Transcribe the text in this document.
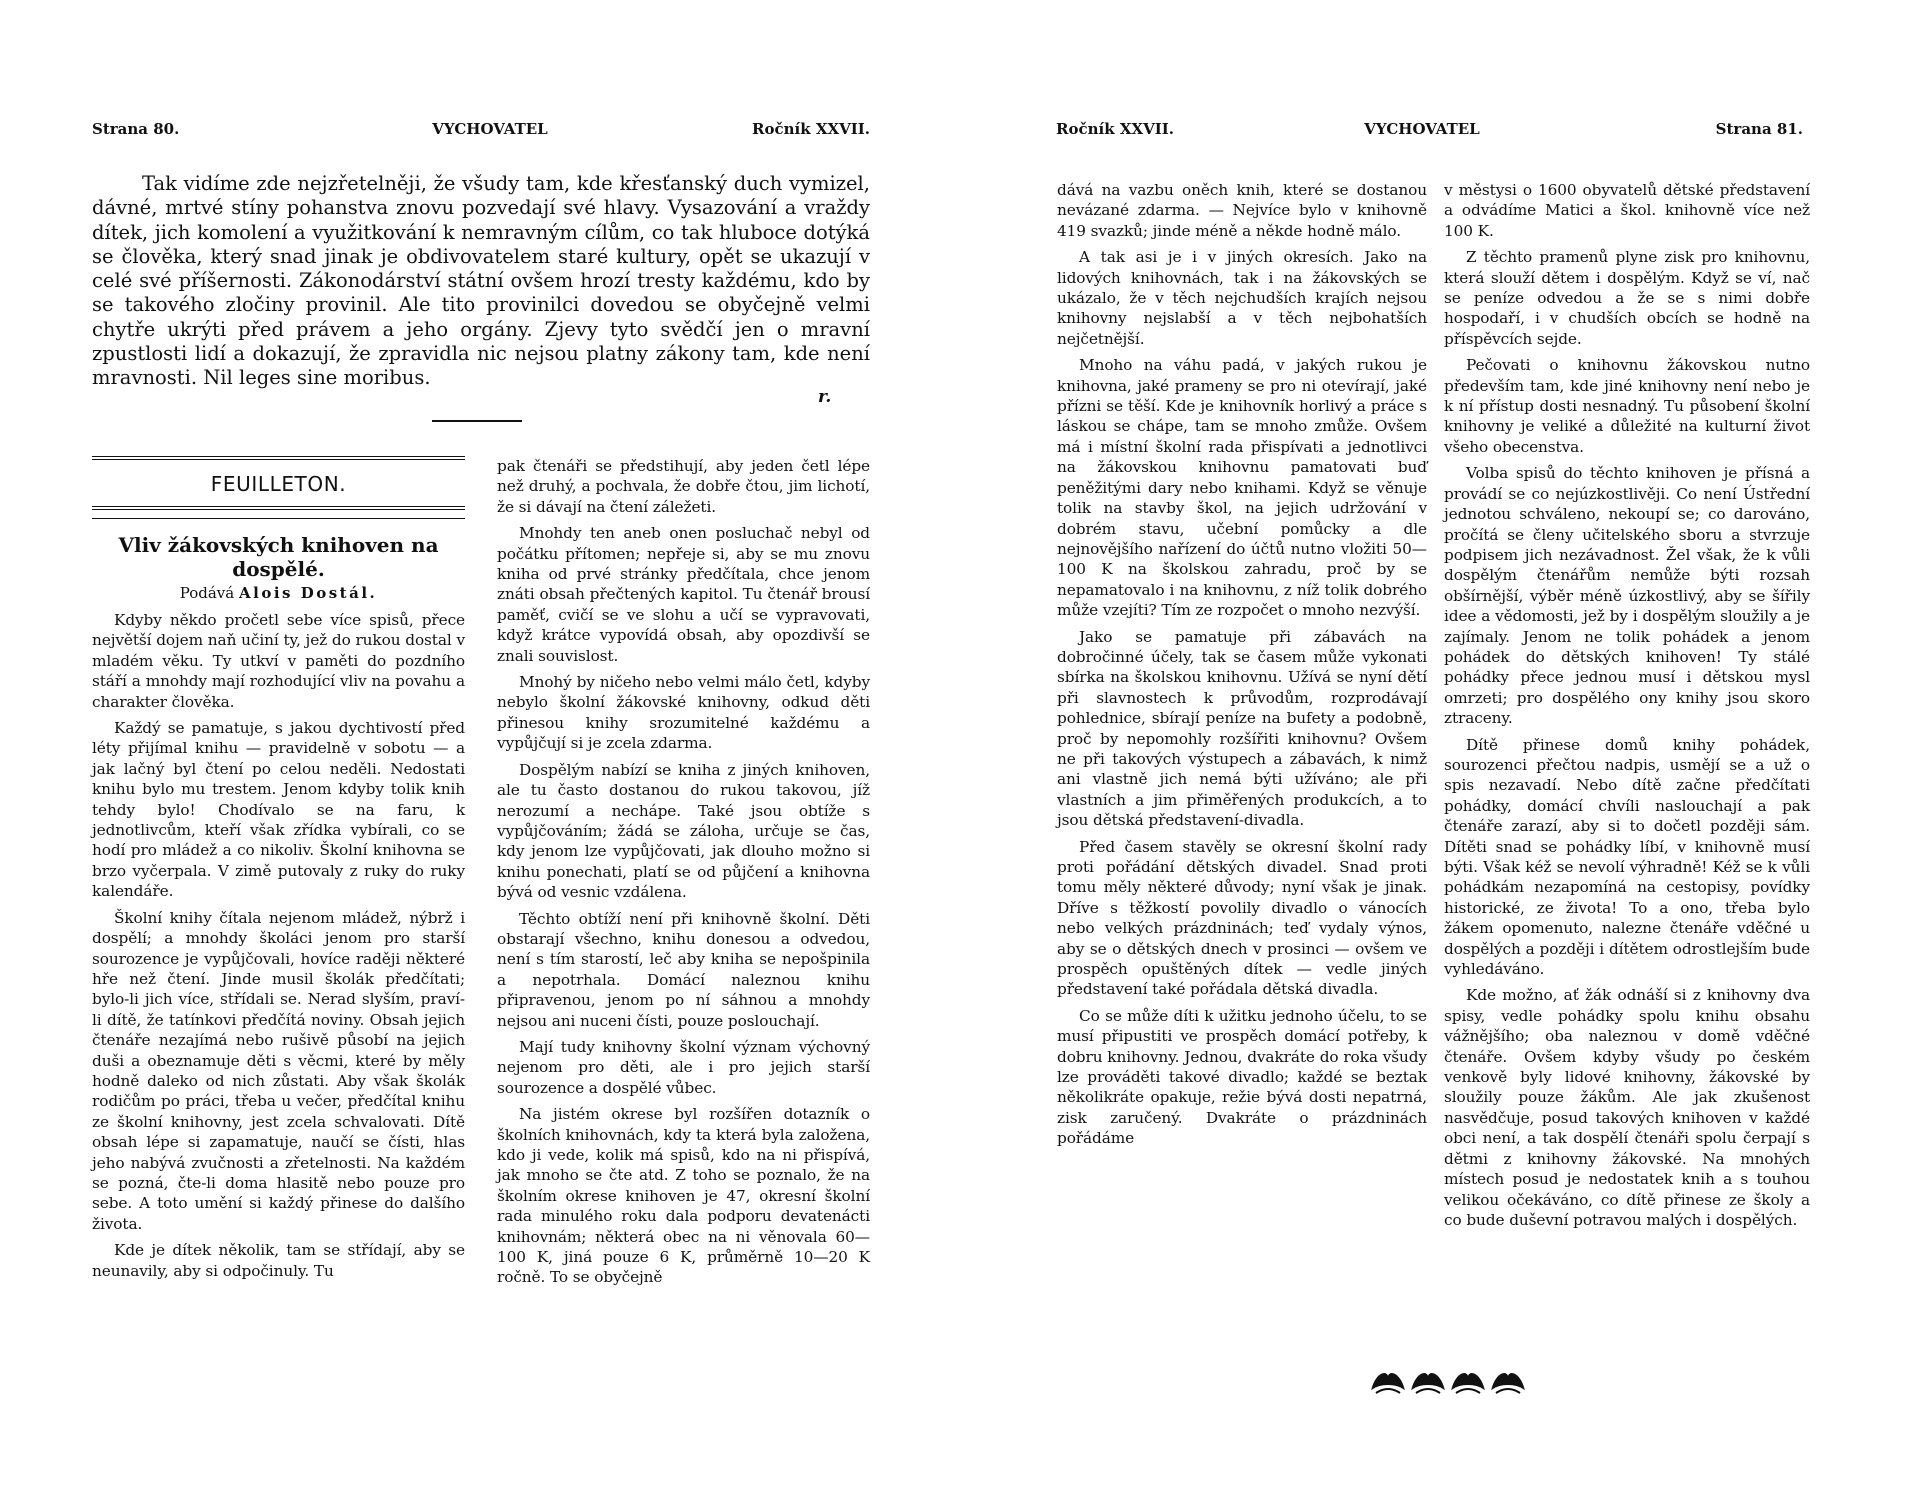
Strana 80.	VYCHOVATEL	Ročník XXVII.

Tak vidíme zde nejzřetelněji, že všudy tam, kde křesťanský duch vymizel, dávné, mrtvé stíny pohanstva znovu pozvedají své hlavy. Vysazování a vraždy dítek, jich komolení a využitkování k nemravným cílům, co tak hluboce dotýká se člověka, který snad jinak je obdivovatelem staré kultury, opět se ukazují v celé své příšernosti. Zákonodárství státní ovšem hrozí tresty každému, kdo by se takového zločiny provinil. Ale tito provinilci dovedou se obyčejně velmi chytře ukrýti před právem a jeho orgány. Zjevy tyto svědčí jen o mravní zpustlosti lidí a dokazují, že zpravidla nic nejsou platny zákony tam, kde není mravnosti. Nil leges sine moribus.

r.
FEUILLETON.
Vliv žákovských knihoven na dospělé.
Podává Alois Dostál.

Kdyby někdo pročetl sebe více spisů, přece největší dojem naň učiní ty, jež do rukou dostal v mladém věku. Ty utkví v paměti do pozdního stáří a mnohdy mají rozhodující vliv na povahu a charakter člověka.

Každý se pamatuje, s jakou dychtivostí před léty přijímal knihu — pravidelně v sobotu — a jak lačný byl čtení po celou neděli. Nedostati knihu bylo mu trestem. Jenom kdyby tolik knih tehdy bylo! Chodívalo se na faru, k jednotlivcům, kteří však zřídka vybírali, co se hodí pro mládež a co nikoliv. Školní knihovna se brzo vyčerpala. V zimě putovaly z ruky do ruky kalendáře.

Školní knihy čítala nejenom mládež, nýbrž i dospělí; a mnohdy školáci jenom pro starší sourozence je vypůjčovali, hovíce raději některé hře než čtení. Jinde musil školák předčítati; bylo-li jich více, střídali se. Nerad slyším, praví-li dítě, že tatínkovi předčítá noviny. Obsah jejich čtenáře nezajímá nebo rušivě působí na jejich duši a obeznamuje děti s věcmi, které by měly hodně daleko od nich zůstati. Aby však školák rodičům po práci, třeba u večer, předčítal knihu ze školní knihovny, jest zcela schvalovati. Dítě obsah lépe si zapamatuje, naučí se čísti, hlas jeho nabývá zvučnosti a zřetelnosti. Na každém se pozná, čte-li doma hlasitě nebo pouze pro sebe. A toto umění si každý přinese do dalšího života.

Kde je dítek několik, tam se střídají, aby se neunavily, aby si odpočinuly. Tu

pak čtenáři se předstihují, aby jeden četl lépe než druhý, a pochvala, že dobře čtou, jim lichotí, že si dávají na čtení záležeti.

Mnohdy ten aneb onen posluchač nebyl od počátku přítomen; nepřeje si, aby se mu znovu kniha od prvé stránky předčítala, chce jenom znáti obsah přečtených kapitol. Tu čtenář brousí paměť, cvičí se ve slohu a učí se vypravovati, když krátce vypovídá obsah, aby opozdivší se znali souvislost.

Mnohý by ničeho nebo velmi málo četl, kdyby nebylo školní žákovské knihovny, odkud děti přinesou knihy srozumitelné každému a vypůjčují si je zcela zdarma.

Dospělým nabízí se kniha z jiných knihoven, ale tu často dostanou do rukou takovou, jíž nerozumí a nechápe. Také jsou obtíže s vypůjčováním; žádá se záloha, určuje se čas, kdy jenom lze vypůjčovati, jak dlouho možno si knihu ponechati, platí se od půjčení a knihovna bývá od vesnic vzdálena.

Těchto obtíží není při knihovně školní. Děti obstarají všechno, knihu donesou a odvedou, není s tím starostí, leč aby kniha se nepošpinila a nepotrhala. Domácí naleznou knihu připravenou, jenom po ní sáhnou a mnohdy nejsou ani nuceni čísti, pouze poslouchají.

Mají tudy knihovny školní význam výchovný nejenom pro děti, ale i pro jejich starší sourozence a dospělé vůbec.

Na jistém okrese byl rozšířen dotazník o školních knihovnách, kdy ta která byla založena, kdo ji vede, kolik má spisů, kdo na ni přispívá, jak mnoho se čte atd. Z toho se poznalo, že na školním okrese knihoven je 47, okresní školní rada minulého roku dala podporu devatenácti knihovnám; některá obec na ni věnovala 60—100 K, jiná pouze 6 K, průměrně 10—20 K ročně. To se obyčejně

Ročník XXVII.	VYCHOVATEL	Strana 81.

dává na vazbu oněch knih, které se dostanou nevázané zdarma. — Nejvíce bylo v knihovně 419 svazků; jinde méně a někde hodně málo.

A tak asi je i v jiných okresích. Jako na lidových knihovnách, tak i na žákovských se ukázalo, že v těch nejchudších krajích nejsou knihovny nejslabší a v těch nejbohatších nejčetnější.

Mnoho na váhu padá, v jakých rukou je knihovna, jaké prameny se pro ni otevírají, jaké přízni se těší. Kde je knihovník horlivý a práce s láskou se chápe, tam se mnoho zmůže. Ovšem má i místní školní rada přispívati a jednotlivci na žákovskou knihovnu pamatovati buď peněžitými dary nebo knihami. Když se věnuje tolik na stavby škol, na jejich udržování v dobrém stavu, učební pomůcky a dle nejnovějšího nařízení do účtů nutno vložiti 50—100 K na školskou zahradu, proč by se nepamatovalo i na knihovnu, z níž tolik dobrého může vzejíti? Tím ze rozpočet o mnoho nezvýší.

Jako se pamatuje při zábavách na dobročinné účely, tak se časem může vykonati sbírka na školskou knihovnu. Užívá se nyní dětí při slavnostech k průvodům, rozprodávají pohlednice, sbírají peníze na bufety a podobně, proč by nepomohly rozšířiti knihovnu? Ovšem ne při takových výstupech a zábavách, k nimž ani vlastně jich nemá býti užíváno; ale při vlastních a jim přiměřených produkcích, a to jsou dětská představení-divadla.

Před časem stavěly se okresní školní rady proti pořádání dětských divadel. Snad proti tomu měly některé důvody; nyní však je jinak. Dříve s těžkostí povolily divadlo o vánocích nebo velkých prázdninách; teď vydaly výnos, aby se o dětských dnech v prosinci — ovšem ve prospěch opuštěných dítek — vedle jiných představení také pořádala dětská divadla.

Co se může díti k užitku jednoho účelu, to se musí připustiti ve prospěch domácí potřeby, k dobru knihovny. Jednou, dvakráte do roka všudy lze prováděti takové divadlo; každé se beztak několikráte opakuje, režie bývá dosti nepatrná, zisk zaručený. Dvakráte o prázdninách pořádáme

v městysi o 1600 obyvatelů dětské představení a odvádíme Matici a škol. knihovně více než 100 K.

Z těchto pramenů plyne zisk pro knihovnu, která slouží dětem i dospělým. Když se ví, nač se peníze odvedou a že se s nimi dobře hospodaří, i v chudších obcích se hodně na příspěvcích sejde.

Pečovati o knihovnu žákovskou nutno především tam, kde jiné knihovny není nebo je k ní přístup dosti nesnadný. Tu působení školní knihovny je veliké a důležité na kulturní život všeho obecenstva.

Volba spisů do těchto knihoven je přísná a provádí se co nejúzkostlivěji. Co není Ústřední jednotou schváleno, nekoupí se; co darováno, pročítá se členy učitelského sboru a stvrzuje podpisem jich nezávadnost. Žel však, že k vůli dospělým čtenářům nemůže býti rozsah obšírnější, výběr méně úzkostlivý, aby se šířily idee a vědomosti, jež by i dospělým sloužily a je zajímaly. Jenom ne tolik pohádek a jenom pohádek do dětských knihoven! Ty stálé pohádky přece jednou musí i dětskou mysl omrzeti; pro dospělého ony knihy jsou skoro ztraceny.

Dítě přinese domů knihy pohádek, sourozenci přečtou nadpis, usmějí se a už o spis nezavadí. Nebo dítě začne předčítati pohádky, domácí chvíli naslouchají a pak čtenáře zarazí, aby si to dočetl později sám. Dítěti snad se pohádky líbí, v knihovně musí býti. Však kéž se nevolí výhradně! Kéž se k vůli pohádkám nezapomíná na cestopisy, povídky historické, ze života! To a ono, třeba bylo žákem opomenuto, nalezne čtenáře vděčné u dospělých a později i dítětem odrostlejším bude vyhledáváno.

Kde možno, ať žák odnáší si z knihovny dva spisy, vedle pohádky spolu knihu obsahu vážnějšího; oba naleznou v domě vděčné čtenáře. Ovšem kdyby všudy po českém venkově byly lidové knihovny, žákovské by sloužily pouze žákům. Ale jak zkušenost nasvědčuje, posud takových knihoven v každé obci není, a tak dospělí čtenáři spolu čerpají s dětmi z knihovny žákovské. Na mnohých místech posud je nedostatek knih a s touhou velikou očekáváno, co dítě přinese ze školy a co bude duševní potravou malých i dospělých.
